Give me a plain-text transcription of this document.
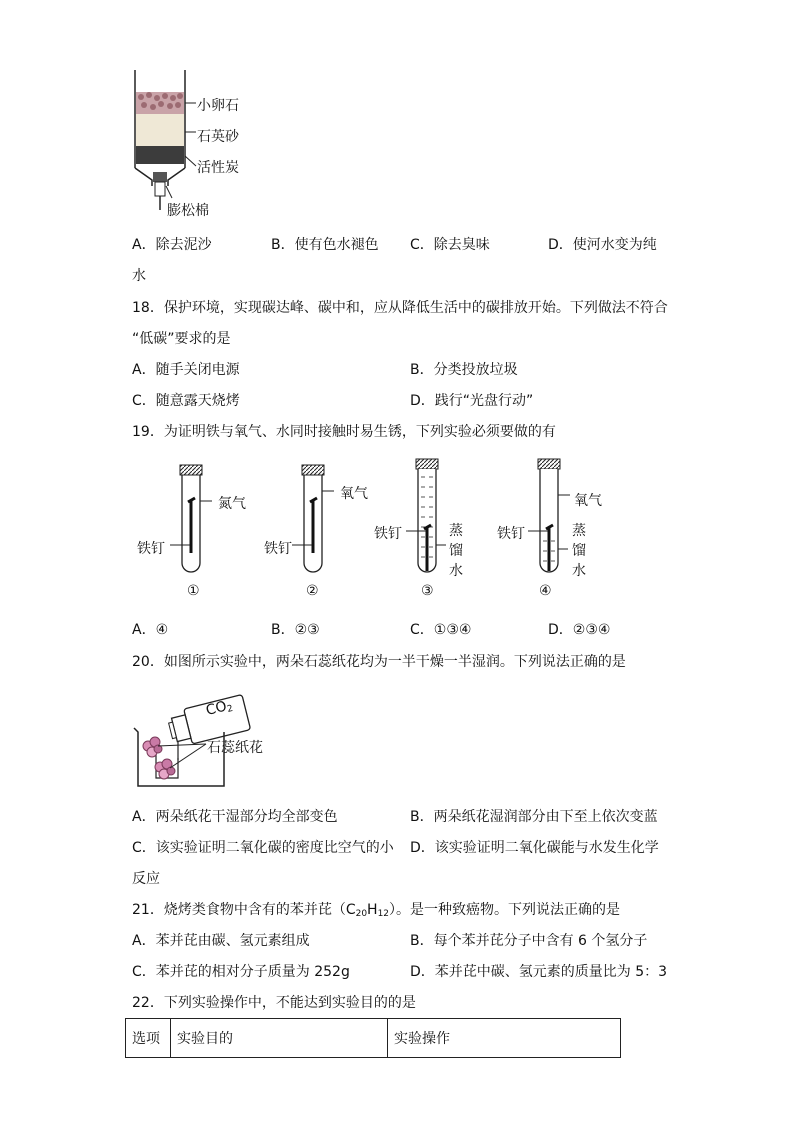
小卵石
石英砂
活性炭
膨松棉
A．除去泥沙	B．使有色水褪色 C．除去臭味	D．使河水变为纯
水
18．保护环境，实现碳达峰、碳中和，应从降低生活中的碳排放开始。下列做法不符合
“低碳”要求的是
A．随手关闭电源	B．分类投放垃圾
C．随意露天烧烤	D．践行“光盘行动”
19．为证明铁与氧气、水同时接触时易生锈，下列实验必须要做的有
氮气
铁钉
①
氧气
铁钉
②
铁钉	蒸
馏
水
③
氧气
铁钉	蒸
馏
水
④
A．④	B．②③	C．①③④	D．②③④
20．如图所示实验中，两朵石蕊纸花均为一半干燥一半湿润。下列说法正确的是
$CO_2$
石蕊纸花
A．两朵纸花干湿部分均全部变色	B．两朵纸花湿润部分由下至上依次变蓝
C．该实验证明二氧化碳的密度比空气的小 D．该实验证明二氧化碳能与水发生化学
反应
21．烧烤类食物中含有的苯并芘$(C_{20}H_{12})$。是一种致癌物。下列说法正确的是
A．苯并芘由碳、氢元素组成	B．每个苯并芘分子中含有 6 个氢分子
C．苯并芘的相对分子质量为 252g	D．苯并芘中碳、氢元素的质量比为 5：3
22．下列实验操作中，不能达到实验目的的是
选项	实验目的	实验操作
